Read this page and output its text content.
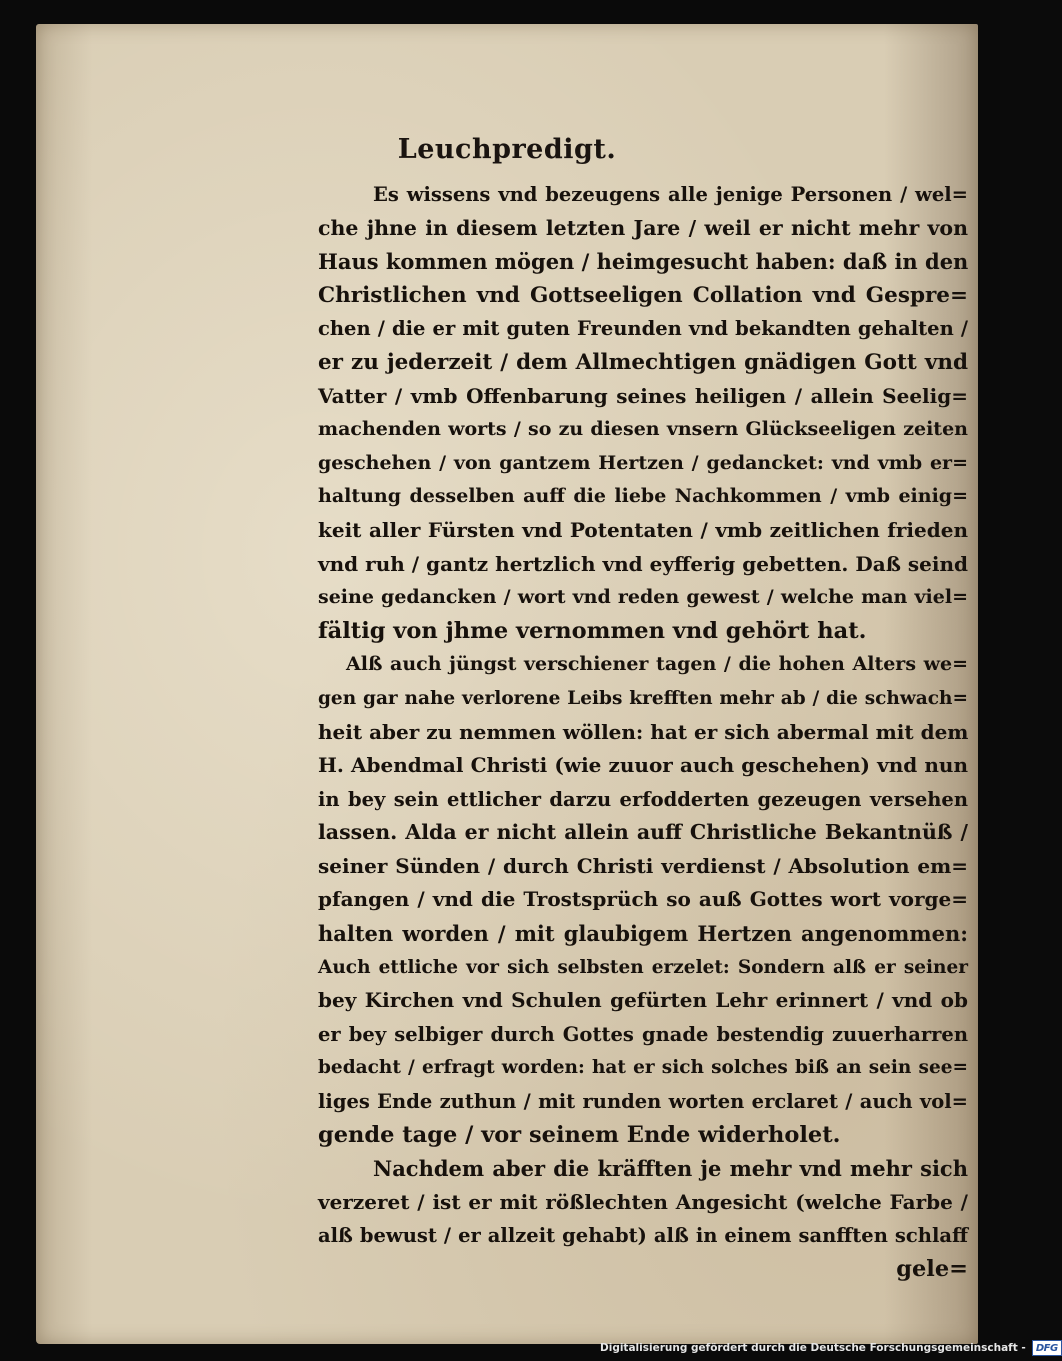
Leuchpredigt.
Es wissens vnd bezeugens alle jenige Personen / wel=
che jhne in diesem letzten Jare / weil er nicht mehr von
Haus kommen mögen / heimgesucht haben: daß in den
Christlichen vnd Gottseeligen Collation vnd Gespre=
chen / die er mit guten Freunden vnd bekandten gehalten /
er zu jederzeit / dem Allmechtigen gnädigen Gott vnd
Vatter / vmb Offenbarung seines heiligen / allein Seelig=
machenden worts / so zu diesen vnsern Glückseeligen zeiten
geschehen / von gantzem Hertzen / gedancket: vnd vmb er=
haltung desselben auff die liebe Nachkommen / vmb einig=
keit aller Fürsten vnd Potentaten / vmb zeitlichen frieden
vnd ruh / gantz hertzlich vnd eyfferig gebetten. Daß seind
seine gedancken / wort vnd reden gewest / welche man viel=
fältig von jhme vernommen vnd gehört hat.
Alß auch jüngst verschiener tagen / die hohen Alters we=
gen gar nahe verlorene Leibs krefften mehr ab / die schwach=
heit aber zu nemmen wöllen: hat er sich abermal mit dem
H. Abendmal Christi (wie zuuor auch geschehen) vnd nun
in bey sein ettlicher darzu erfodderten gezeugen versehen
lassen. Alda er nicht allein auff Christliche Bekantnüß /
seiner Sünden / durch Christi verdienst / Absolution em=
pfangen / vnd die Trostsprüch so auß Gottes wort vorge=
halten worden / mit glaubigem Hertzen angenommen:
Auch ettliche vor sich selbsten erzelet: Sondern alß er seiner
bey Kirchen vnd Schulen gefürten Lehr erinnert / vnd ob
er bey selbiger durch Gottes gnade bestendig zuuerharren
bedacht / erfragt worden: hat er sich solches biß an sein see=
liges Ende zuthun / mit runden worten erclaret / auch vol=
gende tage / vor seinem Ende widerholet.
Nachdem aber die kräfften je mehr vnd mehr sich
verzeret / ist er mit rößlechten Angesicht (welche Farbe /
alß bewust / er allzeit gehabt) alß in einem sanfften schlaff
gele=
Digitalisierung gefördert durch die Deutsche Forschungsgemeinschaft -	DFG
